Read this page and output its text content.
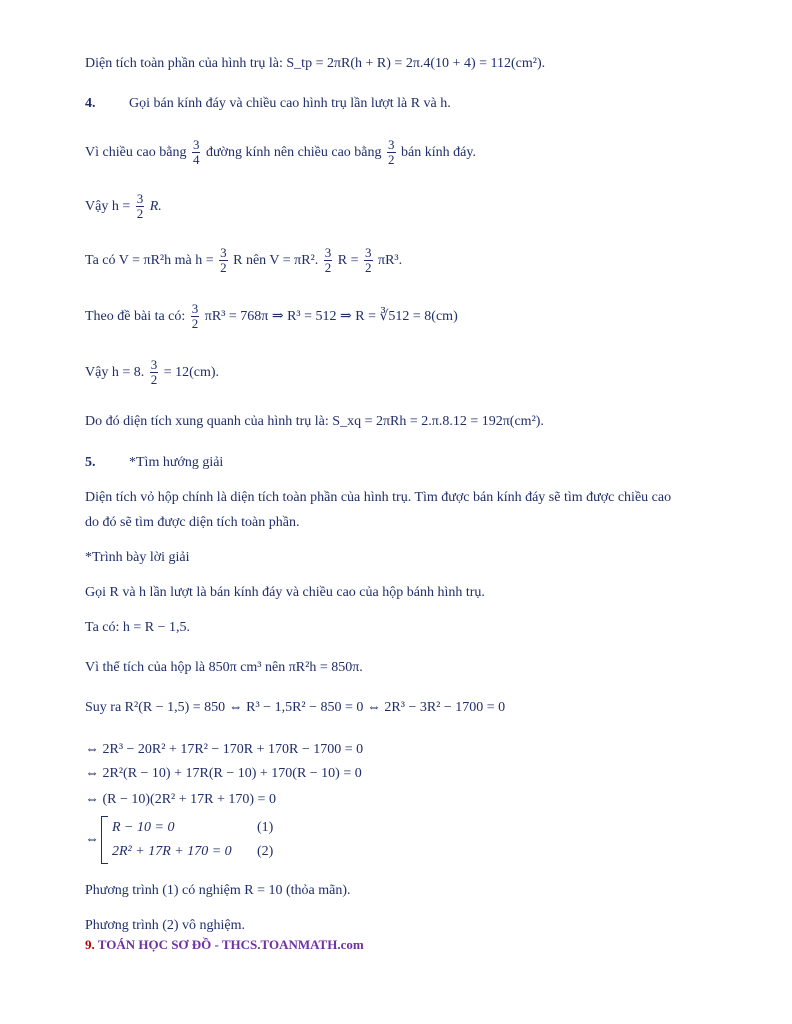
Diện tích toàn phần của hình trụ là: S_tp = 2πR(h + R) = 2π.4(10 + 4) = 112(cm²).
4. Gọi bán kính đáy và chiều cao hình trụ lần lượt là R và h.
Vì chiều cao bằng $\frac{3}{4}$ đường kính nên chiều cao bằng $\frac{3}{2}$ bán kính đáy.
Vậy $h = \frac{3}{2} R$.
Ta có V = πR²h mà $h = \frac{3}{2}$ R nên V = πR². $\frac{3}{2}$ $R = \frac{3}{2} \pi R^3$.
Theo đề bài ta có: $\frac{3}{2} \pi R^3 = 768\pi$ ⇒ R³ = 512 ⇒ R = ∛512 = 8(cm)
Vậy h = 8. $\frac{3}{2} = 12(cm)$.
Do đó diện tích xung quanh của hình trụ là: S_xq = 2πRh = 2.π.8.12 = 192π(cm²).
5. *Tìm hướng giải
Diện tích vỏ hộp chính là diện tích toàn phần của hình trụ. Tìm được bán kính đáy sẽ tìm được chiều cao
do đó sẽ tìm được diện tích toàn phần.
*Trình bày lời giải
Gọi R và h lần lượt là bán kính đáy và chiều cao của hộp bánh hình trụ.
Ta có: h = R − 1,5.
Vì thể tích của hộp là 850π cm³ nên πR²h = 850π.
Suy ra R²(R − 1,5) = 850 ⇔ R³ − 1,5R² − 850 = 0 ⇔ 2R³ − 3R² − 1700 = 0
⇔ 2R³ − 20R² + 17R² − 170R + 170R − 1700 = 0
⇔ 2R²(R − 10) + 17R(R − 10) + 170(R − 10) = 0
⇔ (R − 10)(2R² + 17R + 170) = 0
⇔
R − 10 = 0	(1)
2R² + 17R + 170 = 0	(2)
Phương trình (1) có nghiệm R = 10 (thỏa mãn).
Phương trình (2) vô nghiệm.
9. TOÁN HỌC SƠ ĐỒ - THCS.TOANMATH.com
